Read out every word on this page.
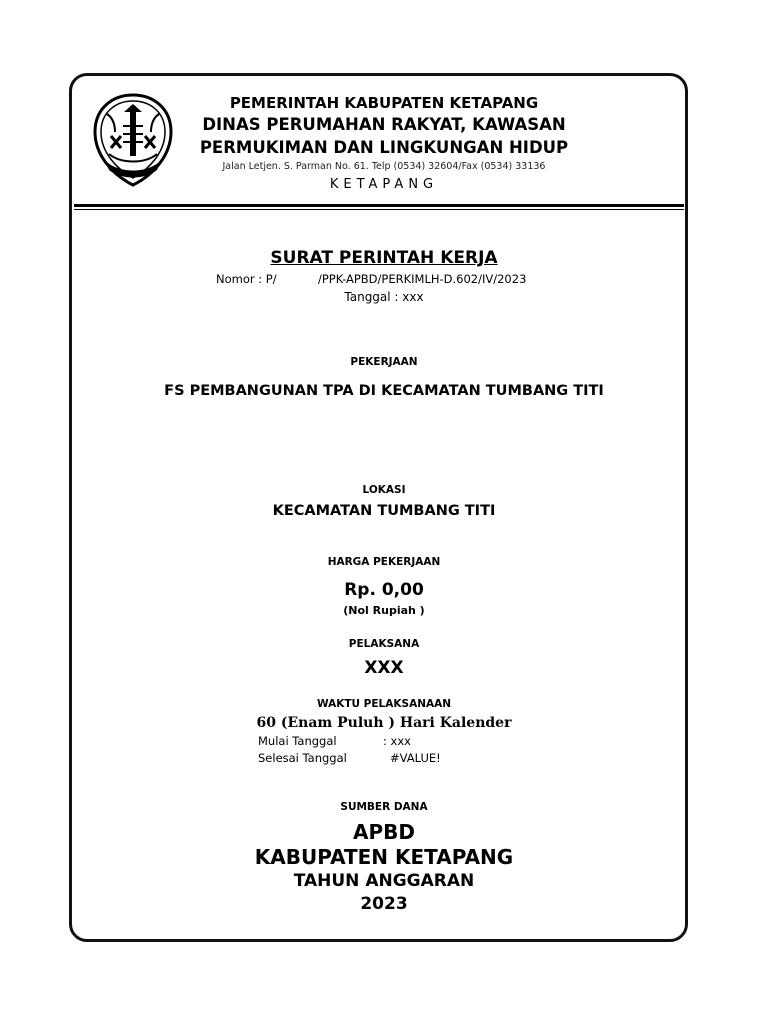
PEMERINTAH KABUPATEN KETAPANG
DINAS PERUMAHAN RAKYAT, KAWASAN
PERMUKIMAN DAN LINGKUNGAN HIDUP
Jalan Letjen. S. Parman No. 61. Telp (0534) 32604/Fax (0534) 33136
KETAPANG
SURAT PERINTAH KERJA
Nomor : P/	/PPK-APBD/PERKIMLH-D.602/IV/2023
Tanggal : xxx
PEKERJAAN
FS PEMBANGUNAN TPA DI KECAMATAN TUMBANG TITI
LOKASI
KECAMATAN TUMBANG TITI
HARGA PEKERJAAN
Rp. 0,00
(Nol Rupiah )
PELAKSANA
XXX
WAKTU PELAKSANAAN
60 (Enam Puluh ) Hari Kalender
Mulai Tanggal	: xxx
Selesai Tanggal	#VALUE!
SUMBER DANA
APBD
KABUPATEN KETAPANG
TAHUN ANGGARAN
2023
